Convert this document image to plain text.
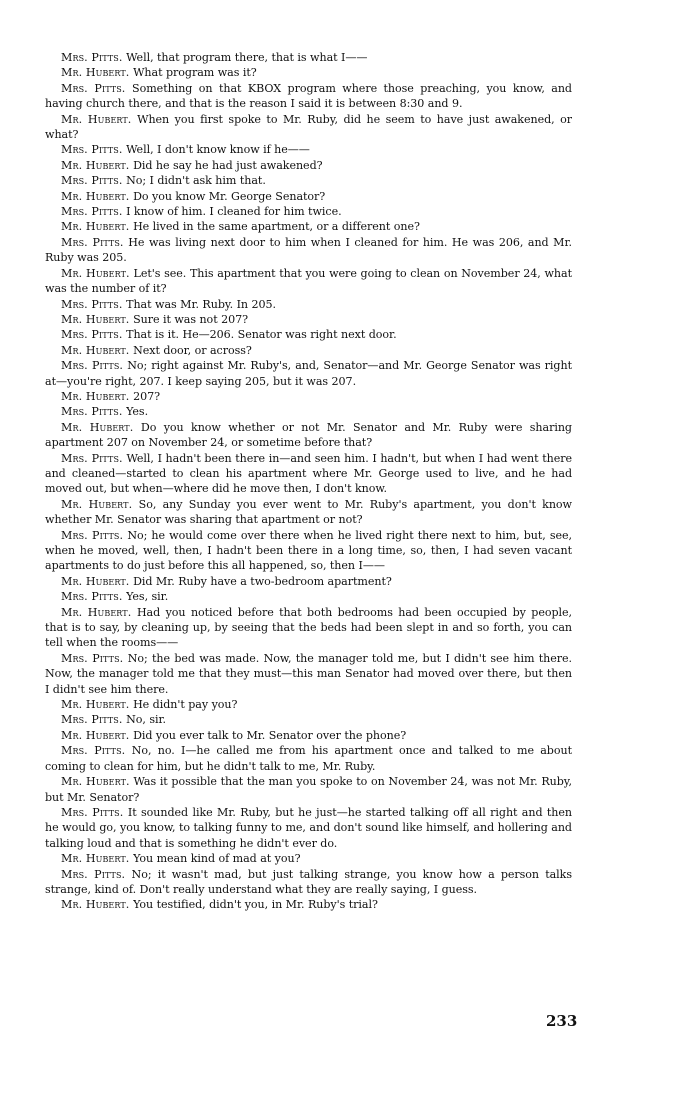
Mrs. Pitts. Well, that program there, that is what I——

Mr. Hubert. What program was it?

Mrs. Pitts. Something on that KBOX program where those preaching, you know, and having church there, and that is the reason I said it is between 8:30 and 9.

Mr. Hubert. When you first spoke to Mr. Ruby, did he seem to have just awakened, or what?

Mrs. Pitts. Well, I don't know know if he——

Mr. Hubert. Did he say he had just awakened?

Mrs. Pitts. No; I didn't ask him that.

Mr. Hubert. Do you know Mr. George Senator?

Mrs. Pitts. I know of him. I cleaned for him twice.

Mr. Hubert. He lived in the same apartment, or a different one?

Mrs. Pitts. He was living next door to him when I cleaned for him. He was 206, and Mr. Ruby was 205.

Mr. Hubert. Let's see. This apartment that you were going to clean on November 24, what was the number of it?

Mrs. Pitts. That was Mr. Ruby. In 205.

Mr. Hubert. Sure it was not 207?

Mrs. Pitts. That is it. He—206. Senator was right next door.

Mr. Hubert. Next door, or across?

Mrs. Pitts. No; right against Mr. Ruby's, and, Senator—and Mr. George Senator was right at—you're right, 207. I keep saying 205, but it was 207.

Mr. Hubert. 207?

Mrs. Pitts. Yes.

Mr. Hubert. Do you know whether or not Mr. Senator and Mr. Ruby were sharing apartment 207 on November 24, or sometime before that?

Mrs. Pitts. Well, I hadn't been there in—and seen him. I hadn't, but when I had went there and cleaned—started to clean his apartment where Mr. George used to live, and he had moved out, but when—where did he move then, I don't know.

Mr. Hubert. So, any Sunday you ever went to Mr. Ruby's apartment, you don't know whether Mr. Senator was sharing that apartment or not?

Mrs. Pitts. No; he would come over there when he lived right there next to him, but, see, when he moved, well, then, I hadn't been there in a long time, so, then, I had seven vacant apartments to do just before this all happened, so, then I——

Mr. Hubert. Did Mr. Ruby have a two-bedroom apartment?

Mrs. Pitts. Yes, sir.

Mr. Hubert. Had you noticed before that both bedrooms had been occupied by people, that is to say, by cleaning up, by seeing that the beds had been slept in and so forth, you can tell when the rooms——

Mrs. Pitts. No; the bed was made. Now, the manager told me, but I didn't see him there. Now, the manager told me that they must—this man Senator had moved over there, but then I didn't see him there.

Mr. Hubert. He didn't pay you?

Mrs. Pitts. No, sir.

Mr. Hubert. Did you ever talk to Mr. Senator over the phone?

Mrs. Pitts. No, no. I—he called me from his apartment once and talked to me about coming to clean for him, but he didn't talk to me, Mr. Ruby.

Mr. Hubert. Was it possible that the man you spoke to on November 24, was not Mr. Ruby, but Mr. Senator?

Mrs. Pitts. It sounded like Mr. Ruby, but he just—he started talking off all right and then he would go, you know, to talking funny to me, and don't sound like himself, and hollering and talking loud and that is something he didn't ever do.

Mr. Hubert. You mean kind of mad at you?

Mrs. Pitts. No; it wasn't mad, but just talking strange, you know how a person talks strange, kind of. Don't really understand what they are really saying, I guess.

Mr. Hubert. You testified, didn't you, in Mr. Ruby's trial?

233
